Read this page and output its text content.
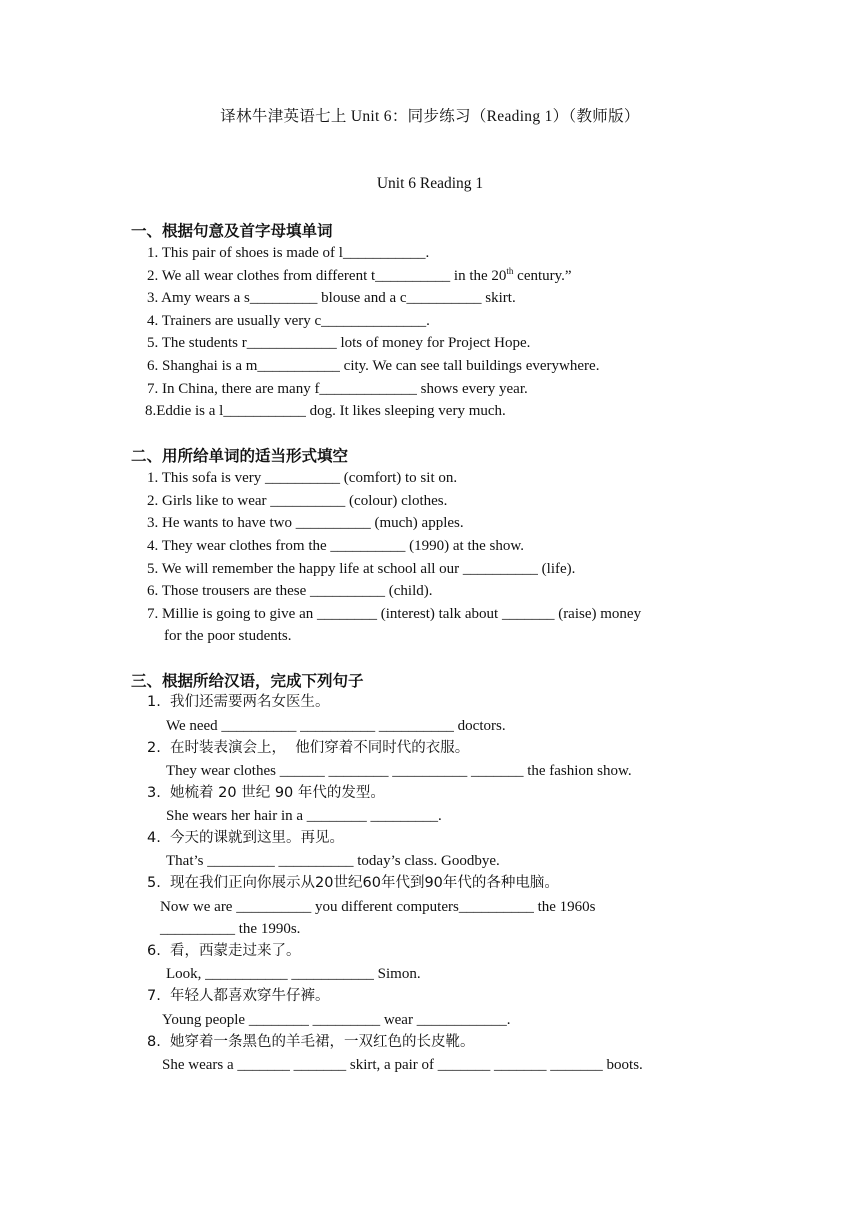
译林牛津英语七上 Unit 6：同步练习（Reading 1）（教师版）
Unit 6 Reading 1
一、根据句意及首字母填单词
1. This pair of shoes is made of l___________.
2. We all wear clothes from different t__________ in the 20th century.”
3. Amy wears a s_________ blouse and a c__________ skirt.
4. Trainers are usually very c______________.
5. The students r____________ lots of money for Project Hope.
6. Shanghai is a m___________ city. We can see tall buildings everywhere.
7. In China, there are many f_____________ shows every year.
8.Eddie is a l___________ dog. It likes sleeping very much.
二、用所给单词的适当形式填空
1. This sofa is very __________ (comfort) to sit on.
2. Girls like to wear __________ (colour) clothes.
3. He wants to have two __________ (much) apples.
4. They wear clothes from the __________ (1990) at the show.
5. We will remember the happy life at school all our __________ (life).
6. Those trousers are these __________ (child).
7. Millie is going to give an ________ (interest) talk about _______ (raise) money
for the poor students.
三、根据所给汉语，完成下列句子
1.  我们还需要两名女医生。
We need __________ __________ __________ doctors.
2.  在时装表演会上，  他们穿着不同时代的衣服。
They wear clothes ______ ________ __________ _______ the fashion show.
3.  她梳着 20 世纪 90 年代的发型。
She wears her hair in a ________ _________.
4.  今天的课就到这里。再见。
That’s _________ __________ today’s class. Goodbye.
5.  现在我们正向你展示从20世纪60年代到90年代的各种电脑。
Now we are __________ you different computers__________ the 1960s
__________ the 1990s.
6.  看，西蒙走过来了。
Look, ___________ ___________ Simon.
7.  年轻人都喜欢穿牛仔裤。
Young people ________ _________ wear ____________.
8.  她穿着一条黑色的羊毛裙，一双红色的长皮靴。
She wears a _______ _______ skirt, a pair of _______ _______ _______ boots.
